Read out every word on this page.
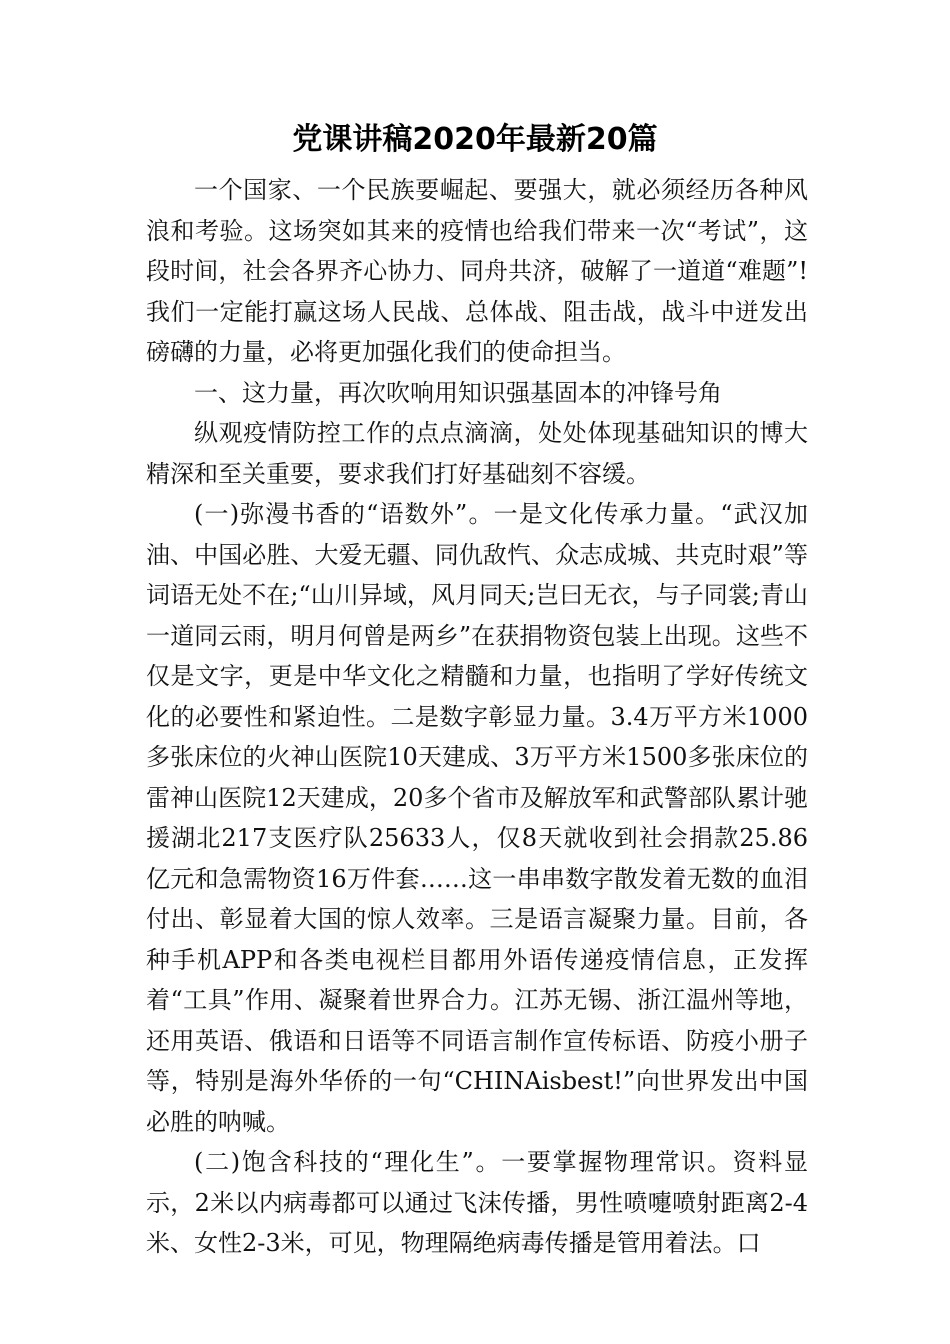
党课讲稿2020年最新20篇

一个国家、一个民族要崛起、要强大，就必须经历各种风浪和考验。这场突如其来的疫情也给我们带来一次“考试”，这段时间，社会各界齐心协力、同舟共济，破解了一道道“难题”!我们一定能打赢这场人民战、总体战、阻击战，战斗中迸发出磅礴的力量，必将更加强化我们的使命担当。

一、这力量，再次吹响用知识强基固本的冲锋号角

纵观疫情防控工作的点点滴滴，处处体现基础知识的博大精深和至关重要，要求我们打好基础刻不容缓。

(一)弥漫书香的“语数外”。一是文化传承力量。“武汉加油、中国必胜、大爱无疆、同仇敌忾、众志成城、共克时艰”等词语无处不在;“山川异域，风月同天;岂曰无衣，与子同裳;青山一道同云雨，明月何曾是两乡”在获捐物资包装上出现。这些不仅是文字，更是中华文化之精髓和力量，也指明了学好传统文化的必要性和紧迫性。二是数字彰显力量。3.4万平方米1000多张床位的火神山医院10天建成、3万平方米1500多张床位的雷神山医院12天建成，20多个省市及解放军和武警部队累计驰援湖北217支医疗队25633人，仅8天就收到社会捐款25.86亿元和急需物资16万件套……这一串串数字散发着无数的血泪付出、彰显着大国的惊人效率。三是语言凝聚力量。目前，各种手机APP和各类电视栏目都用外语传递疫情信息，正发挥着“工具”作用、凝聚着世界合力。江苏无锡、浙江温州等地，还用英语、俄语和日语等不同语言制作宣传标语、防疫小册子等，特别是海外华侨的一句“CHINAisbest!”向世界发出中国必胜的呐喊。

(二)饱含科技的“理化生”。一要掌握物理常识。资料显示，2米以内病毒都可以通过飞沫传播，男性喷嚏喷射距离2-4米、女性2-3米，可见，物理隔绝病毒传播是管用着法。口
